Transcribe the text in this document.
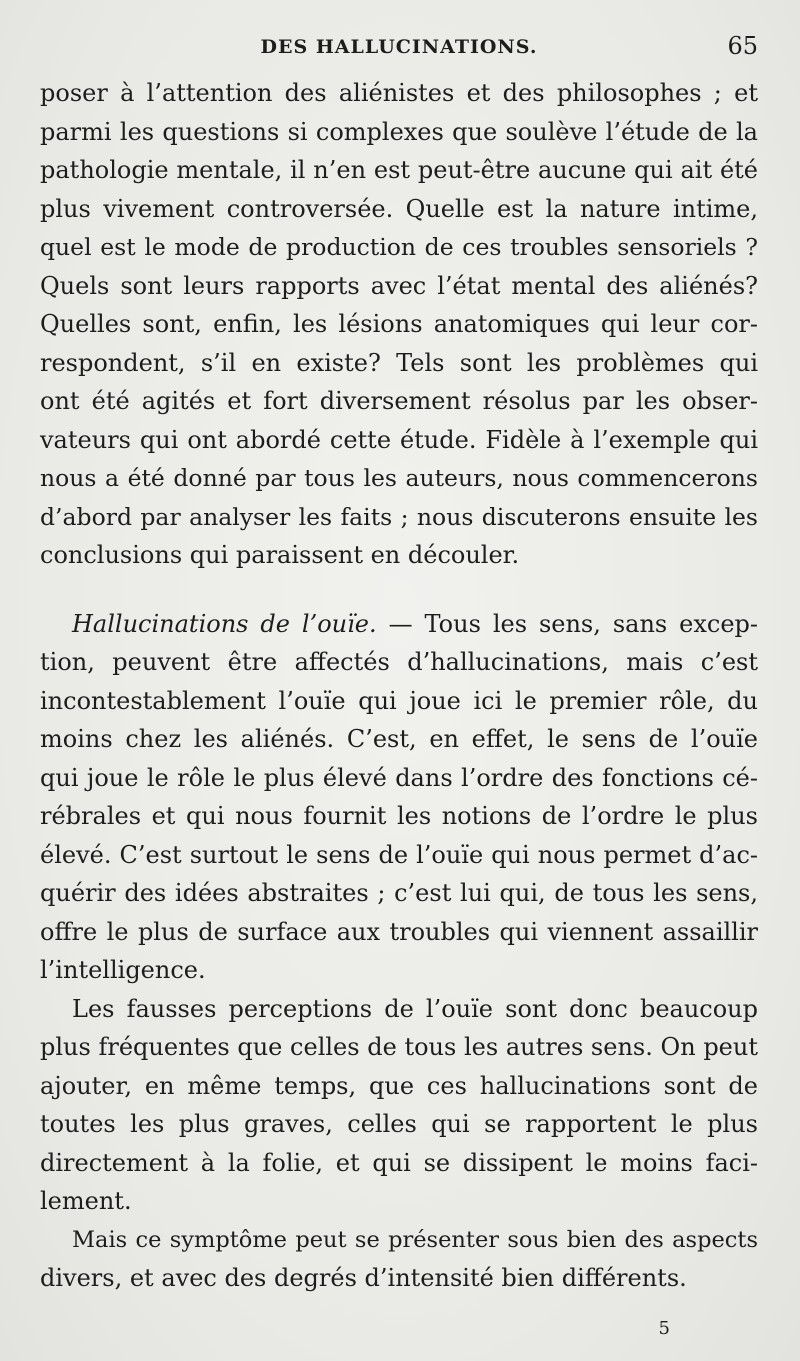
DES HALLUCINATIONS.	65
poser à l’attention des aliénistes et des philosophes ; et
parmi les questions si complexes que soulève l’étude de la
pathologie mentale, il n’en est peut-être aucune qui ait été
plus vivement controversée. Quelle est la nature intime,
quel est le mode de production de ces troubles sensoriels ?
Quels sont leurs rapports avec l’état mental des aliénés?
Quelles sont, enfin, les lésions anatomiques qui leur cor-
respondent, s’il en existe? Tels sont les problèmes qui
ont été agités et fort diversement résolus par les obser-
vateurs qui ont abordé cette étude. Fidèle à l’exemple qui
nous a été donné par tous les auteurs, nous commencerons
d’abord par analyser les faits ; nous discuterons ensuite les
conclusions qui paraissent en découler.
Hallucinations de l’ouïe. — Tous les sens, sans excep-
tion, peuvent être affectés d’hallucinations, mais c’est
incontestablement l’ouïe qui joue ici le premier rôle, du
moins chez les aliénés. C’est, en effet, le sens de l’ouïe
qui joue le rôle le plus élevé dans l’ordre des fonctions cé-
rébrales et qui nous fournit les notions de l’ordre le plus
élevé. C’est surtout le sens de l’ouïe qui nous permet d’ac-
quérir des idées abstraites ; c’est lui qui, de tous les sens,
offre le plus de surface aux troubles qui viennent assaillir
l’intelligence.
Les fausses perceptions de l’ouïe sont donc beaucoup
plus fréquentes que celles de tous les autres sens. On peut
ajouter, en même temps, que ces hallucinations sont de
toutes les plus graves, celles qui se rapportent le plus
directement à la folie, et qui se dissipent le moins faci-
lement.
Mais ce symptôme peut se présenter sous bien des aspects
divers, et avec des degrés d’intensité bien différents.
5
